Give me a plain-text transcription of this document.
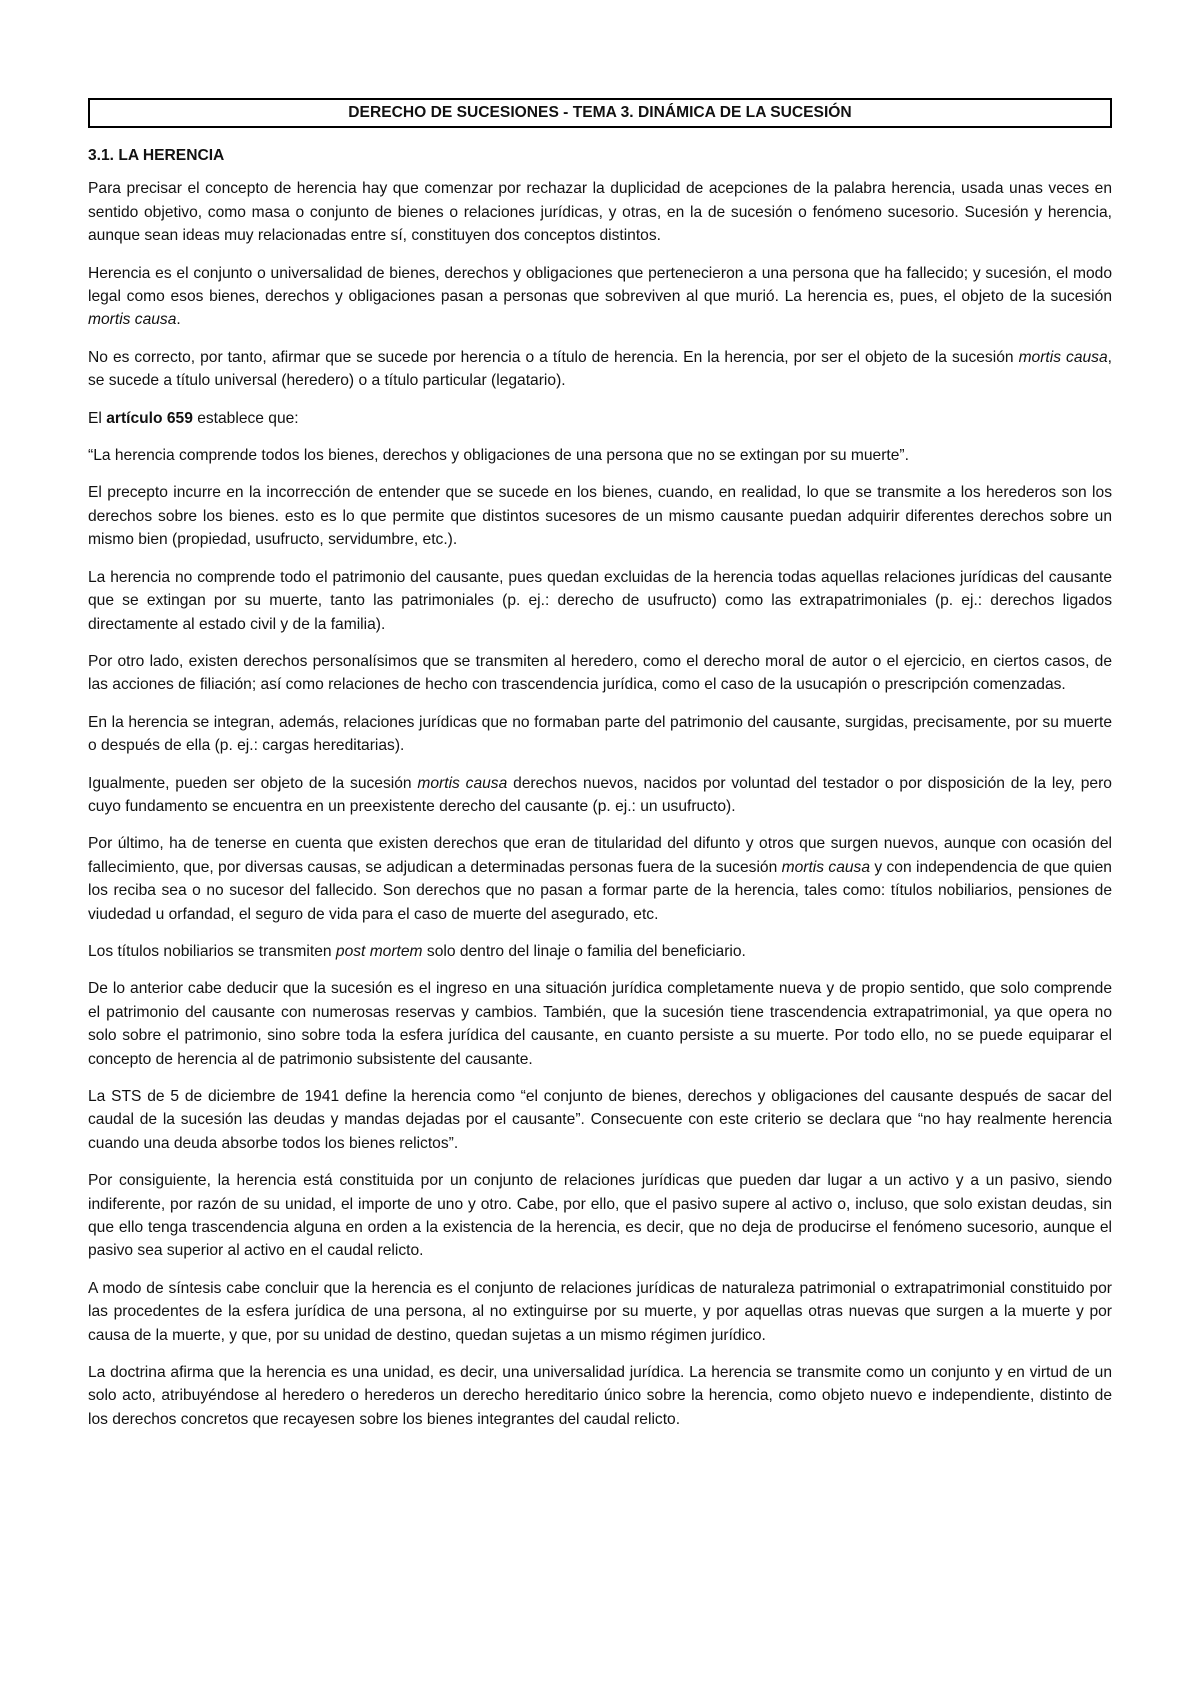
DERECHO DE SUCESIONES - TEMA 3. DINÁMICA DE LA SUCESIÓN
3.1. LA HERENCIA

Para precisar el concepto de herencia hay que comenzar por rechazar la duplicidad de acepciones de la palabra herencia, usada unas veces en sentido objetivo, como masa o conjunto de bienes o relaciones jurídicas, y otras, en la de sucesión o fenómeno sucesorio. Sucesión y herencia, aunque sean ideas muy relacionadas entre sí, constituyen dos conceptos distintos.

Herencia es el conjunto o universalidad de bienes, derechos y obligaciones que pertenecieron a una persona que ha fallecido; y sucesión, el modo legal como esos bienes, derechos y obligaciones pasan a personas que sobreviven al que murió. La herencia es, pues, el objeto de la sucesión mortis causa.

No es correcto, por tanto, afirmar que se sucede por herencia o a título de herencia. En la herencia, por ser el objeto de la sucesión mortis causa, se sucede a título universal (heredero) o a título particular (legatario).

El artículo 659 establece que:

“La herencia comprende todos los bienes, derechos y obligaciones de una persona que no se extingan por su muerte”.

El precepto incurre en la incorrección de entender que se sucede en los bienes, cuando, en realidad, lo que se transmite a los herederos son los derechos sobre los bienes. esto es lo que permite que distintos sucesores de un mismo causante puedan adquirir diferentes derechos sobre un mismo bien (propiedad, usufructo, servidumbre, etc.).

La herencia no comprende todo el patrimonio del causante, pues quedan excluidas de la herencia todas aquellas relaciones jurídicas del causante que se extingan por su muerte, tanto las patrimoniales (p. ej.: derecho de usufructo) como las extrapatrimoniales (p. ej.: derechos ligados directamente al estado civil y de la familia).

Por otro lado, existen derechos personalísimos que se transmiten al heredero, como el derecho moral de autor o el ejercicio, en ciertos casos, de las acciones de filiación; así como relaciones de hecho con trascendencia jurídica, como el caso de la usucapión o prescripción comenzadas.

En la herencia se integran, además, relaciones jurídicas que no formaban parte del patrimonio del causante, surgidas, precisamente, por su muerte o después de ella (p. ej.: cargas hereditarias).

Igualmente, pueden ser objeto de la sucesión mortis causa derechos nuevos, nacidos por voluntad del testador o por disposición de la ley, pero cuyo fundamento se encuentra en un preexistente derecho del causante (p. ej.: un usufructo).

Por último, ha de tenerse en cuenta que existen derechos que eran de titularidad del difunto y otros que surgen nuevos, aunque con ocasión del fallecimiento, que, por diversas causas, se adjudican a determinadas personas fuera de la sucesión mortis causa y con independencia de que quien los reciba sea o no sucesor del fallecido. Son derechos que no pasan a formar parte de la herencia, tales como: títulos nobiliarios, pensiones de viudedad u orfandad, el seguro de vida para el caso de muerte del asegurado, etc.

Los títulos nobiliarios se transmiten post mortem solo dentro del linaje o familia del beneficiario.

De lo anterior cabe deducir que la sucesión es el ingreso en una situación jurídica completamente nueva y de propio sentido, que solo comprende el patrimonio del causante con numerosas reservas y cambios. También, que la sucesión tiene trascendencia extrapatrimonial, ya que opera no solo sobre el patrimonio, sino sobre toda la esfera jurídica del causante, en cuanto persiste a su muerte. Por todo ello, no se puede equiparar el concepto de herencia al de patrimonio subsistente del causante.

La STS de 5 de diciembre de 1941 define la herencia como “el conjunto de bienes, derechos y obligaciones del causante después de sacar del caudal de la sucesión las deudas y mandas dejadas por el causante”. Consecuente con este criterio se declara que “no hay realmente herencia cuando una deuda absorbe todos los bienes relictos”.

Por consiguiente, la herencia está constituida por un conjunto de relaciones jurídicas que pueden dar lugar a un activo y a un pasivo, siendo indiferente, por razón de su unidad, el importe de uno y otro. Cabe, por ello, que el pasivo supere al activo o, incluso, que solo existan deudas, sin que ello tenga trascendencia alguna en orden a la existencia de la herencia, es decir, que no deja de producirse el fenómeno sucesorio, aunque el pasivo sea superior al activo en el caudal relicto.

A modo de síntesis cabe concluir que la herencia es el conjunto de relaciones jurídicas de naturaleza patrimonial o extrapatrimonial constituido por las procedentes de la esfera jurídica de una persona, al no extinguirse por su muerte, y por aquellas otras nuevas que surgen a la muerte y por causa de la muerte, y que, por su unidad de destino, quedan sujetas a un mismo régimen jurídico.

La doctrina afirma que la herencia es una unidad, es decir, una universalidad jurídica. La herencia se transmite como un conjunto y en virtud de un solo acto, atribuyéndose al heredero o herederos un derecho hereditario único sobre la herencia, como objeto nuevo e independiente, distinto de los derechos concretos que recayesen sobre los bienes integrantes del caudal relicto.
